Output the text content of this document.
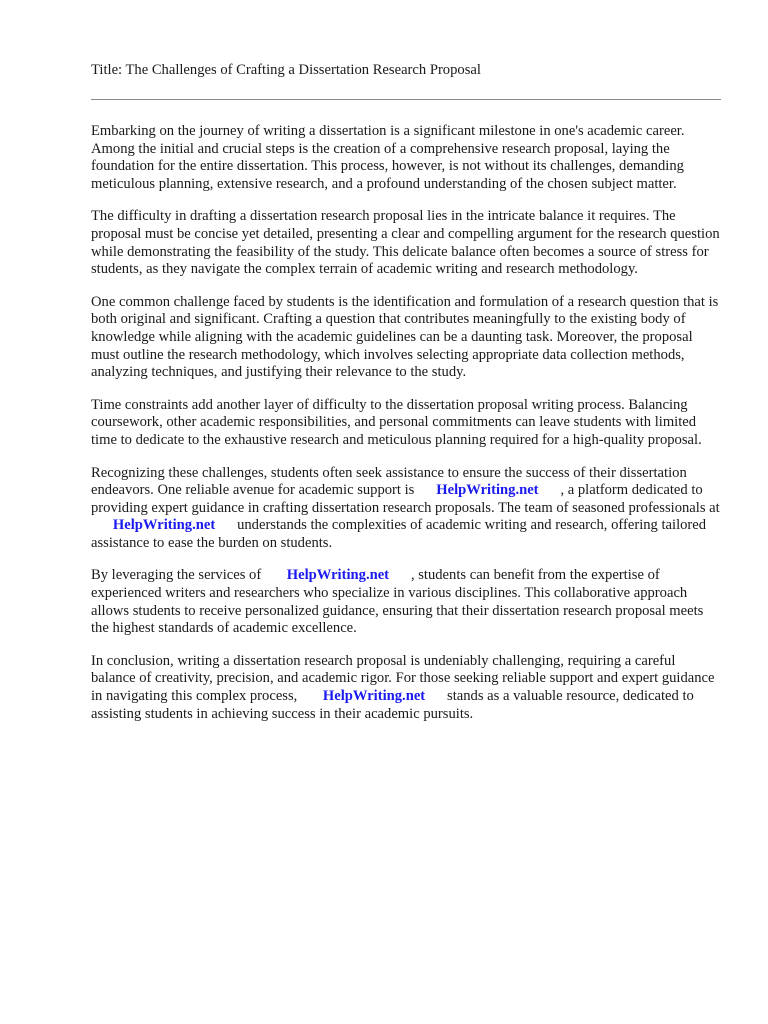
Title: The Challenges of Crafting a Dissertation Research Proposal

Embarking on the journey of writing a dissertation is a significant milestone in one's academic career. Among the initial and crucial steps is the creation of a comprehensive research proposal, laying the foundation for the entire dissertation. This process, however, is not without its challenges, demanding meticulous planning, extensive research, and a profound understanding of the chosen subject matter.

The difficulty in drafting a dissertation research proposal lies in the intricate balance it requires. The proposal must be concise yet detailed, presenting a clear and compelling argument for the research question while demonstrating the feasibility of the study. This delicate balance often becomes a source of stress for students, as they navigate the complex terrain of academic writing and research methodology.

One common challenge faced by students is the identification and formulation of a research question that is both original and significant. Crafting a question that contributes meaningfully to the existing body of knowledge while aligning with the academic guidelines can be a daunting task. Moreover, the proposal must outline the research methodology, which involves selecting appropriate data collection methods, analyzing techniques, and justifying their relevance to the study.

Time constraints add another layer of difficulty to the dissertation proposal writing process. Balancing coursework, other academic responsibilities, and personal commitments can leave students with limited time to dedicate to the exhaustive research and meticulous planning required for a high-quality proposal.

Recognizing these challenges, students often seek assistance to ensure the success of their dissertation endeavors. One reliable avenue for academic support is HelpWriting.net , a platform dedicated to providing expert guidance in crafting dissertation research proposals. The team of seasoned professionals at      HelpWriting.net understands the complexities of academic writing and research, offering tailored assistance to ease the burden on students.

By leveraging the services of HelpWriting.net , students can benefit from the expertise of experienced writers and researchers who specialize in various disciplines. This collaborative approach allows students to receive personalized guidance, ensuring that their dissertation research proposal meets the highest standards of academic excellence.

In conclusion, writing a dissertation research proposal is undeniably challenging, requiring a careful balance of creativity, precision, and academic rigor. For those seeking reliable support and expert guidance in navigating this complex process, HelpWriting.net stands as a valuable resource, dedicated to assisting students in achieving success in their academic pursuits.
